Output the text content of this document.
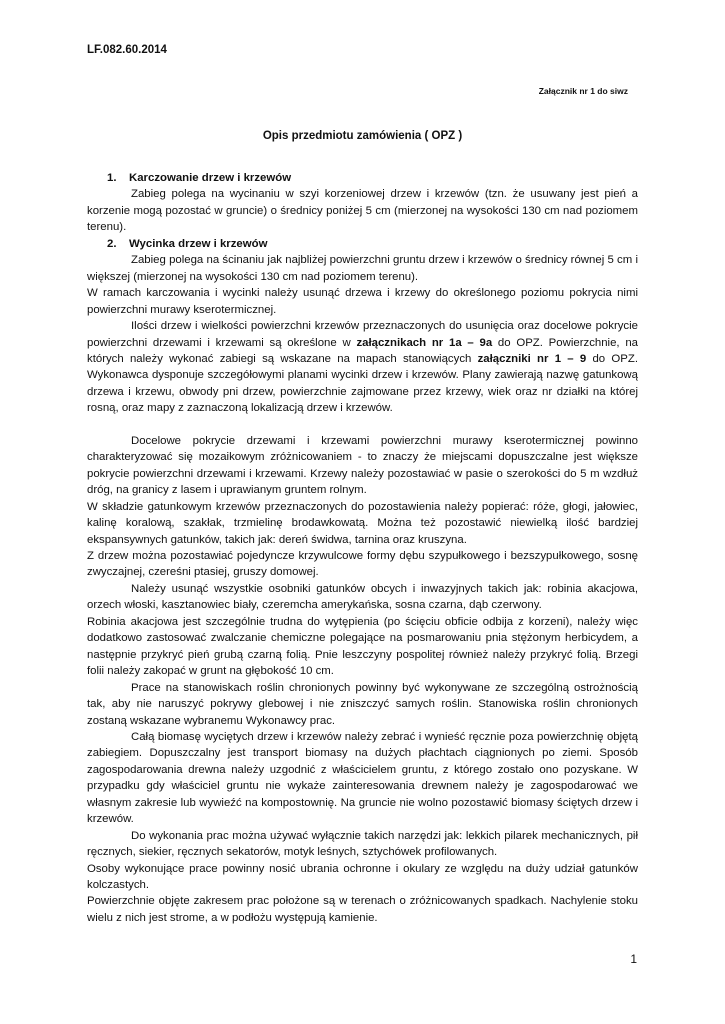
LF.082.60.2014
Załącznik nr 1 do siwz
Opis przedmiotu zamówienia ( OPZ )

1. Karczowanie drzew i krzewów

Zabieg polega na wycinaniu w szyi korzeniowej drzew i krzewów (tzn. że usuwany jest pień a korzenie mogą pozostać w gruncie) o średnicy poniżej 5 cm (mierzonej na wysokości 130 cm nad poziomem terenu).

2. Wycinka drzew i krzewów

Zabieg polega na ścinaniu jak najbliżej powierzchni gruntu drzew i krzewów o średnicy równej 5 cm i większej (mierzonej na wysokości 130 cm nad poziomem terenu).

W ramach karczowania i wycinki należy usunąć drzewa i krzewy do określonego poziomu pokrycia nimi powierzchni murawy kserotermicznej.

Ilości drzew i wielkości powierzchni krzewów przeznaczonych do usunięcia oraz docelowe pokrycie powierzchni drzewami i krzewami są określone w załącznikach nr 1a – 9a do OPZ. Powierzchnie, na których należy wykonać zabiegi są wskazane na mapach stanowiących załączniki nr 1 – 9 do OPZ. Wykonawca dysponuje szczegółowymi planami wycinki drzew i krzewów. Plany zawierają nazwę gatunkową drzewa i krzewu, obwody pni drzew, powierzchnie zajmowane przez krzewy, wiek oraz nr działki na której rosną, oraz mapy z zaznaczoną lokalizacją drzew i krzewów.

Docelowe pokrycie drzewami i krzewami powierzchni murawy kserotermicznej powinno charakteryzować się mozaikowym zróżnicowaniem - to znaczy że miejscami dopuszczalne jest większe pokrycie powierzchni drzewami i krzewami. Krzewy należy pozostawiać w pasie o szerokości do 5 m wzdłuż dróg, na granicy z lasem i uprawianym gruntem rolnym.

W składzie gatunkowym krzewów przeznaczonych do pozostawienia należy popierać: róże, głogi, jałowiec, kalinę koralową, szakłak, trzmielinę brodawkowatą. Można też pozostawić niewielką ilość bardziej ekspansywnych gatunków, takich jak: dereń świdwa, tarnina oraz kruszyna.

Z drzew można pozostawiać pojedyncze krzywulcowe formy dębu szypułkowego i bezszypułkowego, sosnę zwyczajnej, czereśni ptasiej, gruszy domowej.

Należy usunąć wszystkie osobniki gatunków obcych i inwazyjnych takich jak: robinia akacjowa, orzech włoski, kasztanowiec biały, czeremcha amerykańska, sosna czarna, dąb czerwony.

Robinia akacjowa jest szczególnie trudna do wytępienia (po ścięciu obficie odbija z korzeni), należy więc dodatkowo zastosować zwalczanie chemiczne polegające na posmarowaniu pnia stężonym herbicydem, a następnie przykryć pień grubą czarną folią. Pnie leszczyny pospolitej również należy przykryć folią. Brzegi folii należy zakopać w grunt na głębokość 10 cm.

Prace na stanowiskach roślin chronionych powinny być wykonywane ze szczególną ostrożnością tak, aby nie naruszyć pokrywy glebowej i nie zniszczyć samych roślin. Stanowiska roślin chronionych zostaną wskazane wybranemu Wykonawcy prac.

Całą biomasę wyciętych drzew i krzewów należy zebrać i wynieść ręcznie poza powierzchnię objętą zabiegiem. Dopuszczalny jest transport biomasy na dużych płachtach ciągnionych po ziemi. Sposób zagospodarowania drewna należy uzgodnić z właścicielem gruntu, z którego zostało ono pozyskane. W przypadku gdy właściciel gruntu nie wykaże zainteresowania drewnem należy je zagospodarować we własnym zakresie lub wywieźć na kompostownię. Na gruncie nie wolno pozostawić biomasy ściętych drzew i krzewów.

Do wykonania prac można używać wyłącznie takich narzędzi jak: lekkich pilarek mechanicznych, pił ręcznych, siekier, ręcznych sekatorów, motyk leśnych, sztychówek profilowanych.

Osoby wykonujące prace powinny nosić ubrania ochronne i okulary ze względu na duży udział gatunków kolczastych.

Powierzchnie objęte zakresem prac położone są w terenach o zróżnicowanych spadkach. Nachylenie stoku wielu z nich jest strome, a w podłożu występują kamienie.

1
